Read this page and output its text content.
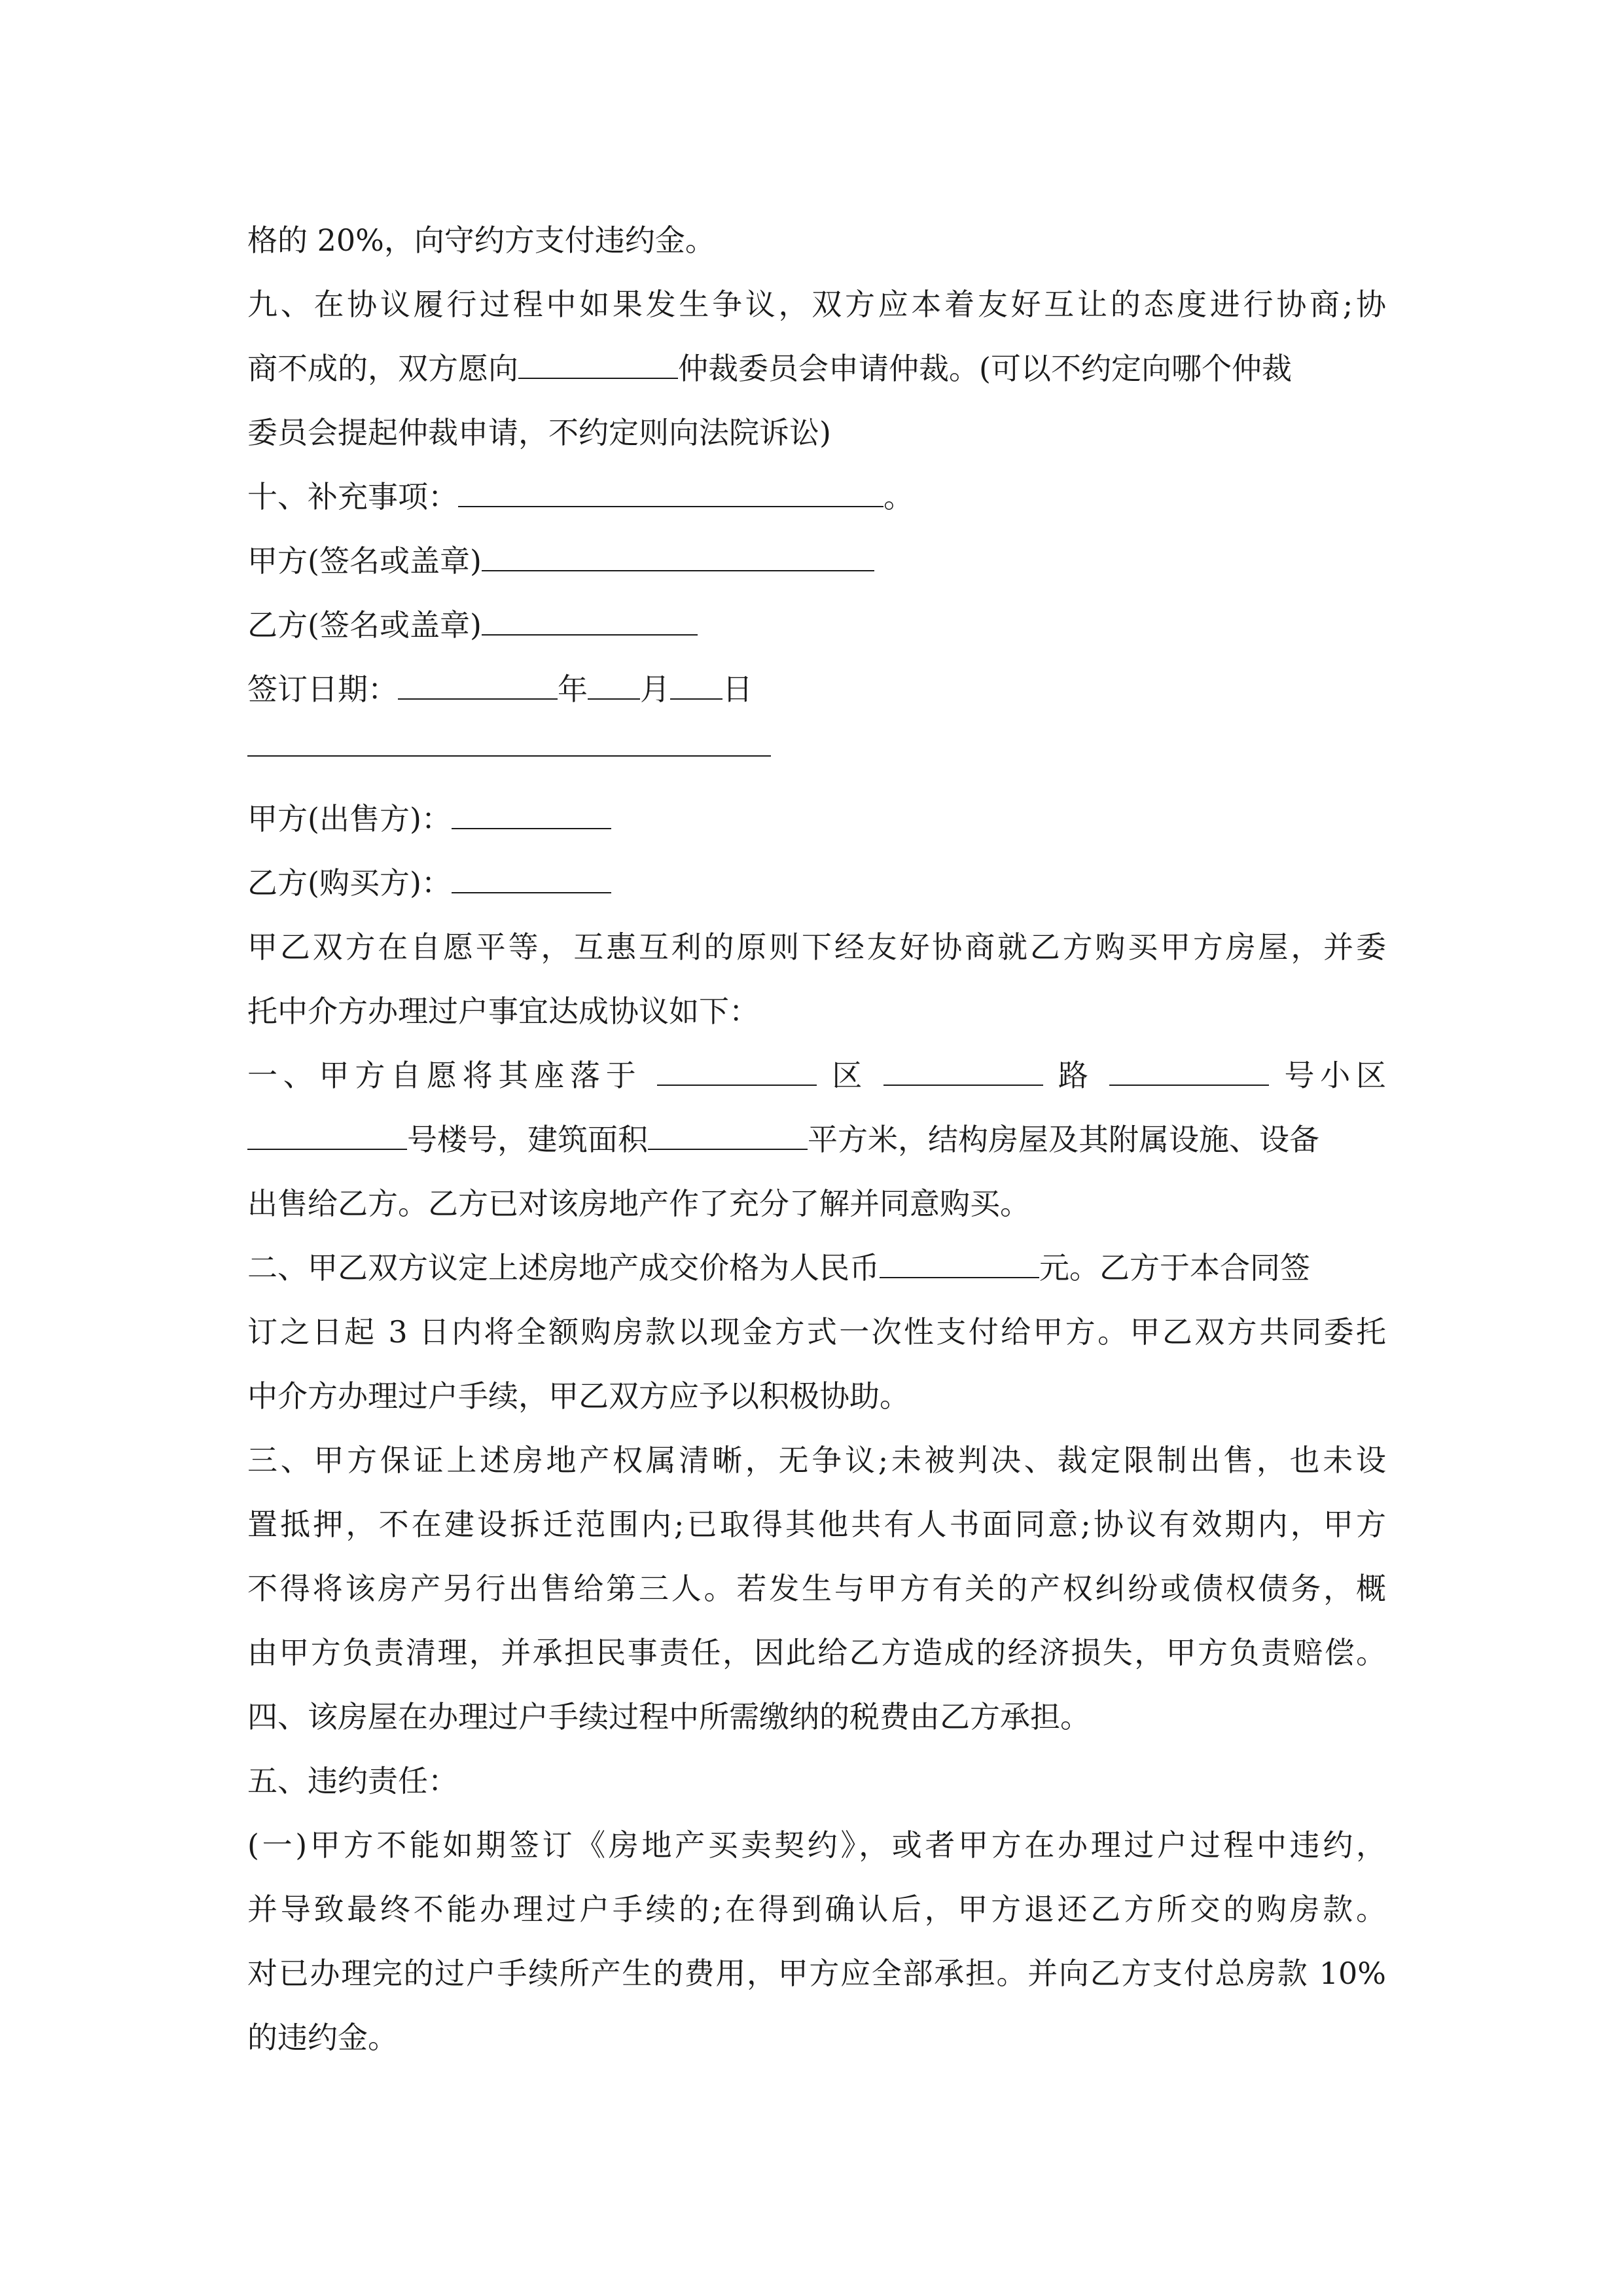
格的 20%，向守约方支付违约金。
九、在协议履行过程中如果发生争议，双方应本着友好互让的态度进行协商;协
商不成的，双方愿向	仲裁委员会申请仲裁。(可以不约定向哪个仲裁
委员会提起仲裁申请，不约定则向法院诉讼)
十、补充事项：	。
甲方(签名或盖章)
乙方(签名或盖章)
签订日期：	年 月 日
甲方(出售方)：
乙方(购买方)：
甲乙双方在自愿平等，互惠互利的原则下经友好协商就乙方购买甲方房屋，并委
托中介方办理过户事宜达成协议如下：
一、甲方自愿将其座落于	区	路	号小区
号楼号，建筑面积	平方米，结构房屋及其附属设施、设备
出售给乙方。乙方已对该房地产作了充分了解并同意购买。
二、甲乙双方议定上述房地产成交价格为人民币	元。乙方于本合同签
订之日起 3 日内将全额购房款以现金方式一次性支付给甲方。甲乙双方共同委托
中介方办理过户手续，甲乙双方应予以积极协助。
三、甲方保证上述房地产权属清晰，无争议;未被判决、裁定限制出售，也未设
置抵押，不在建设拆迁范围内;已取得其他共有人书面同意;协议有效期内，甲方
不得将该房产另行出售给第三人。若发生与甲方有关的产权纠纷或债权债务，概
由甲方负责清理，并承担民事责任，因此给乙方造成的经济损失，甲方负责赔偿。
四、该房屋在办理过户手续过程中所需缴纳的税费由乙方承担。
五、违约责任：
(一)甲方不能如期签订《房地产买卖契约》，或者甲方在办理过户过程中违约，
并导致最终不能办理过户手续的;在得到确认后，甲方退还乙方所交的购房款。
对已办理完的过户手续所产生的费用，甲方应全部承担。并向乙方支付总房款 10%
的违约金。
